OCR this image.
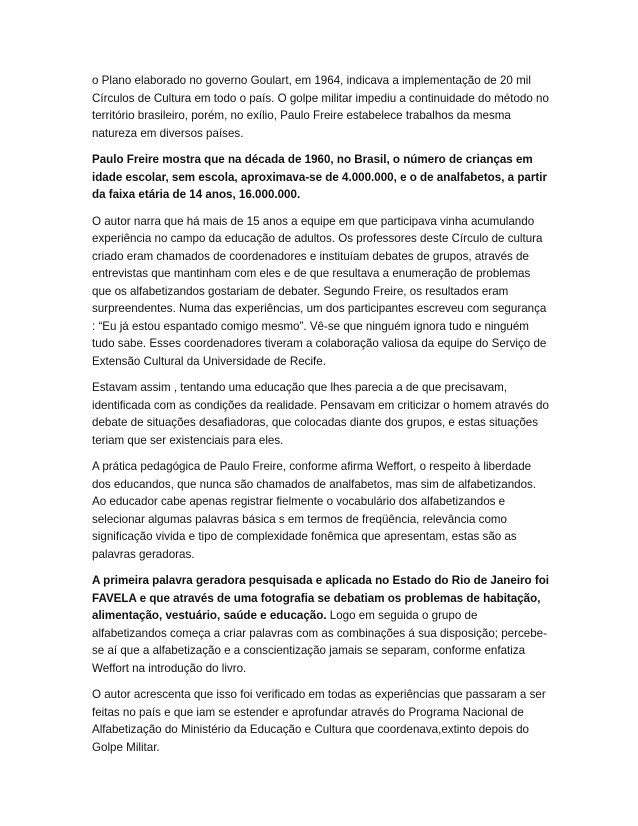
o Plano elaborado no governo Goulart, em 1964, indicava a implementação de 20 mil Círculos de Cultura em todo o país. O golpe militar impediu a continuidade do método no território brasileiro, porém, no exílio, Paulo Freire estabelece trabalhos da mesma natureza em diversos países.

Paulo Freire mostra que na década de 1960, no Brasil, o número de crianças em idade escolar, sem escola, aproximava-se de 4.000.000, e o de analfabetos, a partir da faixa etária de 14 anos, 16.000.000.

O autor narra que há mais de 15 anos a equipe em que participava vinha acumulando experiência no campo da educação de adultos. Os professores deste Círculo de cultura criado eram chamados de coordenadores e instituíam debates de grupos, através de entrevistas que mantinham com eles e de que resultava a enumeração de problemas que os alfabetizandos gostariam de debater. Segundo Freire, os resultados eram surpreendentes. Numa das experiências, um dos participantes escreveu com segurança : “Eu já estou espantado comigo mesmo”. Vê-se que ninguém ignora tudo e ninguém tudo sabe. Esses coordenadores tiveram a colaboração valiosa da equipe do Serviço de Extensão Cultural da Universidade de Recife.

Estavam assim , tentando uma educação que lhes parecia a de que precisavam, identificada com as condições da realidade. Pensavam em criticizar o homem através do debate de situações desafiadoras, que colocadas diante dos grupos, e estas situações teriam que ser existenciais para eles.

A prática pedagógica de Paulo Freire, conforme afirma Weffort, o respeito à liberdade dos educandos, que nunca são chamados de analfabetos, mas sim de alfabetizandos. Ao educador cabe apenas registrar fielmente o vocabulário dos alfabetizandos e selecionar algumas palavras básica s em termos de freqüência, relevância como significação vivida e tipo de complexidade fonêmica que apresentam, estas são as palavras geradoras.

A primeira palavra geradora pesquisada e aplicada no Estado do Rio de Janeiro foi FAVELA e que através de uma fotografia se debatiam os problemas de habitação, alimentação, vestuário, saúde e educação. Logo em seguida o grupo de alfabetizandos começa a criar palavras com as combinações á sua disposição; percebe-se aí que a alfabetização e a conscientização jamais se separam, conforme enfatiza Weffort na introdução do livro.

O autor acrescenta que isso foi verificado em todas as experiências que passaram a ser feitas no país e que iam se estender e aprofundar através do Programa Nacional de Alfabetização do Ministério da Educação e Cultura que coordenava,extinto depois do Golpe Militar.
